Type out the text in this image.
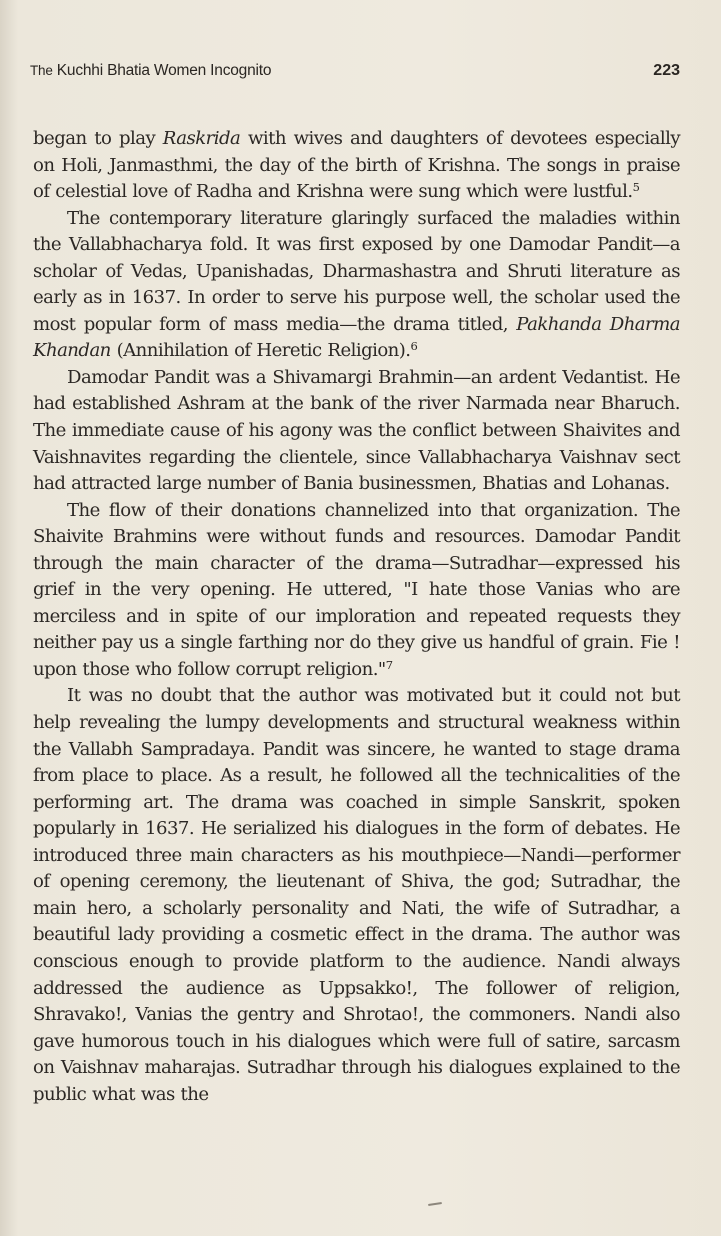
The Kuchhi Bhatia Women Incognito	223

began to play Raskrida with wives and daughters of devotees especially on Holi, Janmasthmi, the day of the birth of Krishna. The songs in praise of celestial love of Radha and Krishna were sung which were lustful.$^5$

The contemporary literature glaringly surfaced the maladies within the Vallabhacharya fold. It was first exposed by one Damodar Pandit—a scholar of Vedas, Upanishadas, Dharmashastra and Shruti literature as early as in 1637. In order to serve his purpose well, the scholar used the most popular form of mass media—the drama titled, Pakhanda Dharma Khandan (Annihilation of Heretic Religion).$^6$

Damodar Pandit was a Shivamargi Brahmin—an ardent Vedantist. He had established Ashram at the bank of the river Narmada near Bharuch. The immediate cause of his agony was the conflict between Shaivites and Vaishnavites regarding the clientele, since Vallabhacharya Vaishnav sect had attracted large number of Bania businessmen, Bhatias and Lohanas.

The flow of their donations channelized into that organization. The Shaivite Brahmins were without funds and resources. Damodar Pandit through the main character of the drama—Sutradhar—expressed his grief in the very opening. He uttered, "I hate those Vanias who are merciless and in spite of our imploration and repeated requests they neither pay us a single farthing nor do they give us handful of grain. Fie ! upon those who follow corrupt religion."$^7$

It was no doubt that the author was motivated but it could not but help revealing the lumpy developments and structural weakness within the Vallabh Sampradaya. Pandit was sincere, he wanted to stage drama from place to place. As a result, he followed all the technicalities of the performing art. The drama was coached in simple Sanskrit, spoken popularly in 1637. He serialized his dialogues in the form of debates. He introduced three main characters as his mouthpiece—Nandi—performer of opening ceremony, the lieutenant of Shiva, the god; Sutradhar, the main hero, a scholarly personality and Nati, the wife of Sutradhar, a beautiful lady providing a cosmetic effect in the drama. The author was conscious enough to provide platform to the audience. Nandi always addressed the audience as Uppsakko!, The follower of religion, Shravako!, Vanias the gentry and Shrotao!, the commoners. Nandi also gave humorous touch in his dialogues which were full of satire, sarcasm on Vaishnav maharajas. Sutradhar through his dialogues explained to the public what was the
